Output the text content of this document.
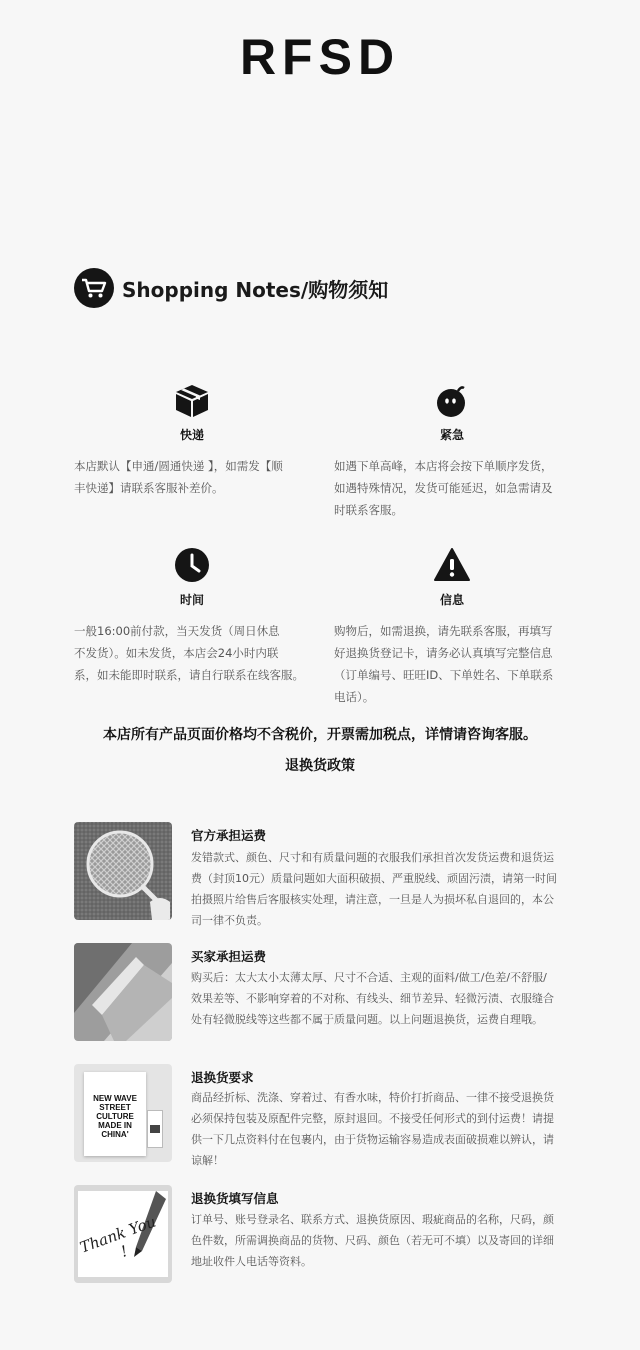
RFSD
Shopping Notes/购物须知
快递
本店默认【申通/圆通快递 】，如需发【顺
丰快递】请联系客服补差价。
紧急
如遇下单高峰，本店将会按下单顺序发货，
如遇特殊情况，发货可能延迟，如急需请及
时联系客服。
时间
一般16:00前付款，当天发货（周日休息
不发货）。如未发货，本店会24小时内联
系，如未能即时联系，请自行联系在线客服。
信息
购物后，如需退换，请先联系客服，再填写
好退换货登记卡，请务必认真填写完整信息
（订单编号、旺旺ID、下单姓名、下单联系
电话）。
本店所有产品页面价格均不含税价，开票需加税点，详情请咨询客服。
退换货政策
官方承担运费
发错款式、颜色、尺寸和有质量问题的衣服我们承担首次发货运费和退货运
费（封顶10元）质量问题如大面积破损、严重脱线、顽固污渍，请第一时间
拍摄照片给售后客服核实处理，请注意，一旦是人为损坏私自退回的，本公
司一律不负责。
买家承担运费
购买后：太大太小太薄太厚、尺寸不合适、主观的面料/做工/色差/不舒服/
效果差等、不影响穿着的不对称、有线头、细节差异、轻微污渍、衣服缝合
处有轻微脱线等这些都不属于质量问题。以上问题退换货，运费自理哦。
NEW WAVE
STREET
CULTURE
MADE IN
CHINA'
退换货要求
商品经折标、洗涤、穿着过、有香水味，特价打折商品、一律不接受退换货
必须保持包装及原配件完整，原封退回。不接受任何形式的到付运费！请提
供一下几点资料付在包裹内，由于货物运输容易造成表面破损难以辨认，请
谅解！
Thank You !
退换货填写信息
订单号、账号登录名、联系方式、退换货原因、瑕疵商品的名称，尺码，颜
色件数，所需调换商品的货物、尺码、颜色（若无可不填）以及寄回的详细
地址收件人电话等资料。
